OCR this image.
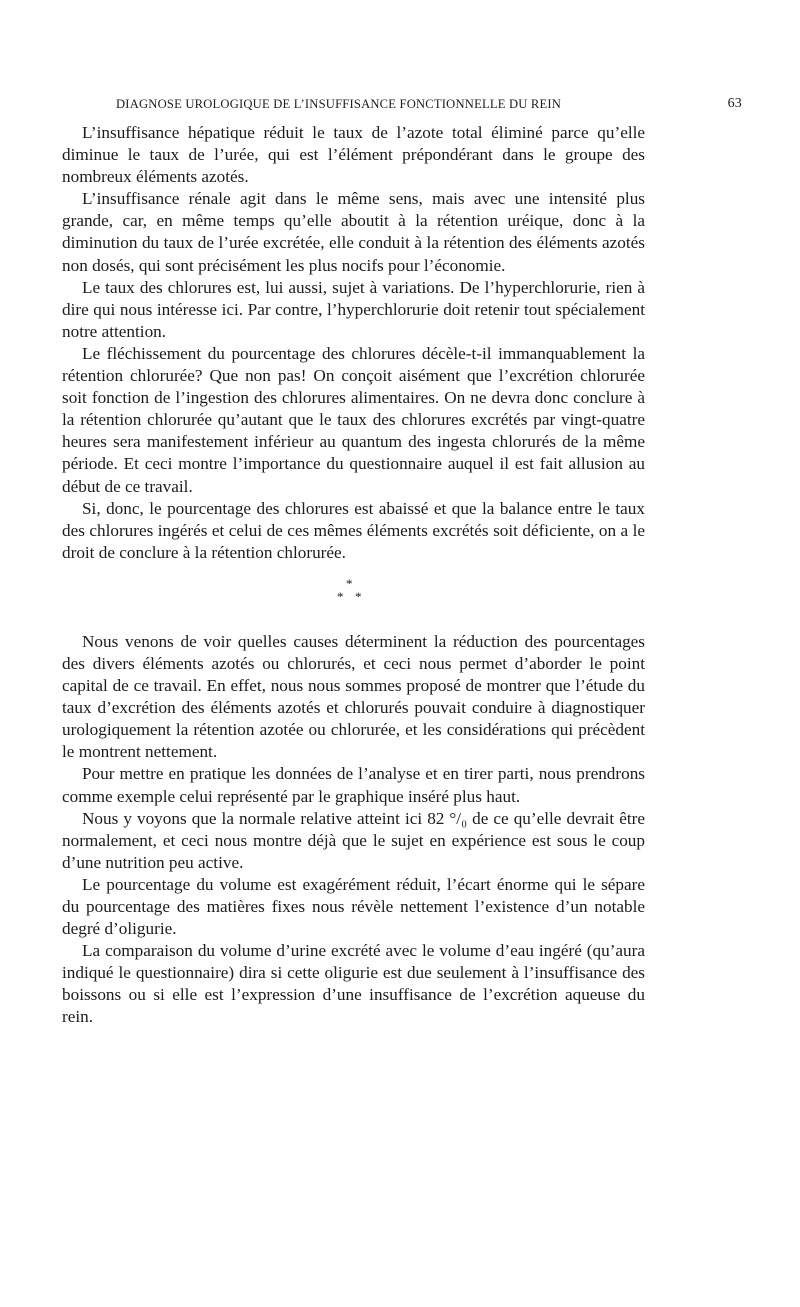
DIAGNOSE UROLOGIQUE DE L’INSUFFISANCE FONCTIONNELLE DU REIN	63

L’insuffisance hépatique réduit le taux de l’azote total éliminé parce qu’elle diminue le taux de l’urée, qui est l’élément prépondérant dans le groupe des nombreux éléments azotés.

L’insuffisance rénale agit dans le même sens, mais avec une intensité plus grande, car, en même temps qu’elle aboutit à la rétention uréique, donc à la diminution du taux de l’urée excrétée, elle conduit à la rétention des éléments azotés non dosés, qui sont précisément les plus nocifs pour l’économie.

Le taux des chlorures est, lui aussi, sujet à variations. De l’hyperchlorurie, rien à dire qui nous intéresse ici. Par contre, l’hyperchlorurie doit retenir tout spécialement notre attention.

Le fléchissement du pourcentage des chlorures décèle-t-il immanquablement la rétention chlorurée? Que non pas! On conçoit aisément que l’excrétion chlorurée soit fonction de l’ingestion des chlorures alimentaires. On ne devra donc conclure à la rétention chlorurée qu’autant que le taux des chlorures excrétés par vingt-quatre heures sera manifestement inférieur au quantum des ingesta chlorurés de la même période. Et ceci montre l’importance du questionnaire auquel il est fait allusion au début de ce travail.

Si, donc, le pourcentage des chlorures est abaissé et que la balance entre le taux des chlorures ingérés et celui de ces mêmes éléments excrétés soit déficiente, on a le droit de conclure à la rétention chlorurée.

*
* *

Nous venons de voir quelles causes déterminent la réduction des pourcentages des divers éléments azotés ou chlorurés, et ceci nous permet d’aborder le point capital de ce travail. En effet, nous nous sommes proposé de montrer que l’étude du taux d’excrétion des éléments azotés et chlorurés pouvait conduire à diagnostiquer urologiquement la rétention azotée ou chlorurée, et les considérations qui précèdent le montrent nettement.

Pour mettre en pratique les données de l’analyse et en tirer parti, nous prendrons comme exemple celui représenté par le graphique inséré plus haut.

Nous y voyons que la normale relative atteint ici 82 °/₀ de ce qu’elle devrait être normalement, et ceci nous montre déjà que le sujet en expérience est sous le coup d’une nutrition peu active.

Le pourcentage du volume est exagérément réduit, l’écart énorme qui le sépare du pourcentage des matières fixes nous révèle nettement l’existence d’un notable degré d’oligurie.

La comparaison du volume d’urine excrété avec le volume d’eau ingéré (qu’aura indiqué le questionnaire) dira si cette oligurie est due seulement à l’insuffisance des boissons ou si elle est l’expression d’une insuffisance de l’excrétion aqueuse du rein.
